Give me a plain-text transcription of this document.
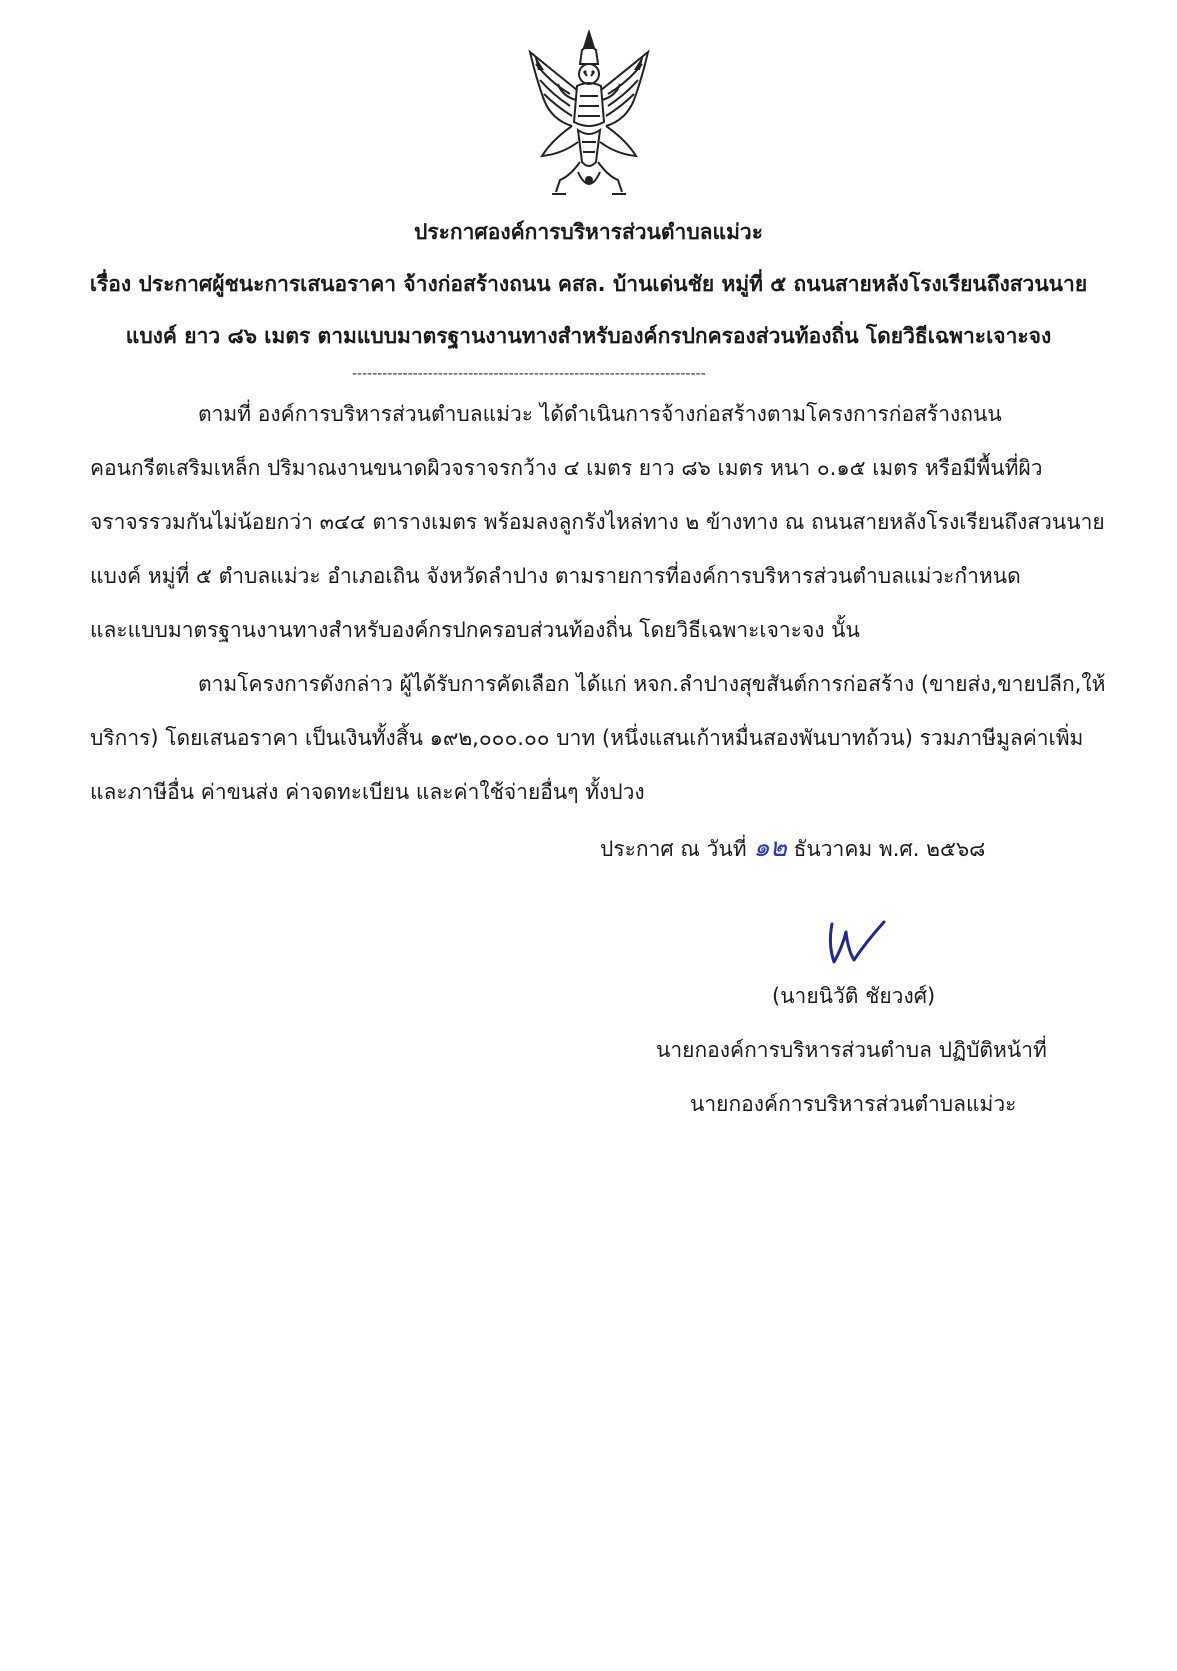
ประกาศองค์การบริหารส่วนตำบลแม่วะ
เรื่อง ประกาศผู้ชนะการเสนอราคา จ้างก่อสร้างถนน คสล. บ้านเด่นชัย หมู่ที่ ๕ ถนนสายหลังโรงเรียนถึงสวนนาย
แบงค์ ยาว ๘๖ เมตร ตามแบบมาตรฐานงานทางสำหรับองค์กรปกครองส่วนท้องถิ่น โดยวิธีเฉพาะเจาะจง
----------------------------------------------------------------------
ตามที่ องค์การบริหารส่วนตำบลแม่วะ ได้ดำเนินการจ้างก่อสร้างตามโครงการก่อสร้างถนน
คอนกรีตเสริมเหล็ก ปริมาณงานขนาดผิวจราจรกว้าง ๔ เมตร ยาว ๘๖ เมตร หนา ๐.๑๕ เมตร หรือมีพื้นที่ผิว
จราจรรวมกันไม่น้อยกว่า ๓๔๔ ตารางเมตร พร้อมลงลูกรังไหล่ทาง ๒ ข้างทาง ณ ถนนสายหลังโรงเรียนถึงสวนนาย
แบงค์ หมู่ที่ ๕ ตำบลแม่วะ อำเภอเถิน จังหวัดลำปาง ตามรายการที่องค์การบริหารส่วนตำบลแม่วะกำหนด
และแบบมาตรฐานงานทางสำหรับองค์กรปกครอบส่วนท้องถิ่น โดยวิธีเฉพาะเจาะจง นั้น
ตามโครงการดังกล่าว ผู้ได้รับการคัดเลือก ได้แก่ หจก.ลำปางสุขสันต์การก่อสร้าง (ขายส่ง,ขายปลีก,ให้
บริการ) โดยเสนอราคา เป็นเงินทั้งสิ้น ๑๙๒,๐๐๐.๐๐ บาท (หนึ่งแสนเก้าหมื่นสองพันบาทถ้วน) รวมภาษีมูลค่าเพิ่ม
และภาษีอื่น ค่าขนส่ง ค่าจดทะเบียน และค่าใช้จ่ายอื่นๆ ทั้งปวง
ประกาศ ณ วันที่ ๑๒ ธันวาคม พ.ศ. ๒๕๖๘
(นายนิวัติ ชัยวงศ์)
นายกองค์การบริหารส่วนตำบล ปฏิบัติหน้าที่
นายกองค์การบริหารส่วนตำบลแม่วะ
